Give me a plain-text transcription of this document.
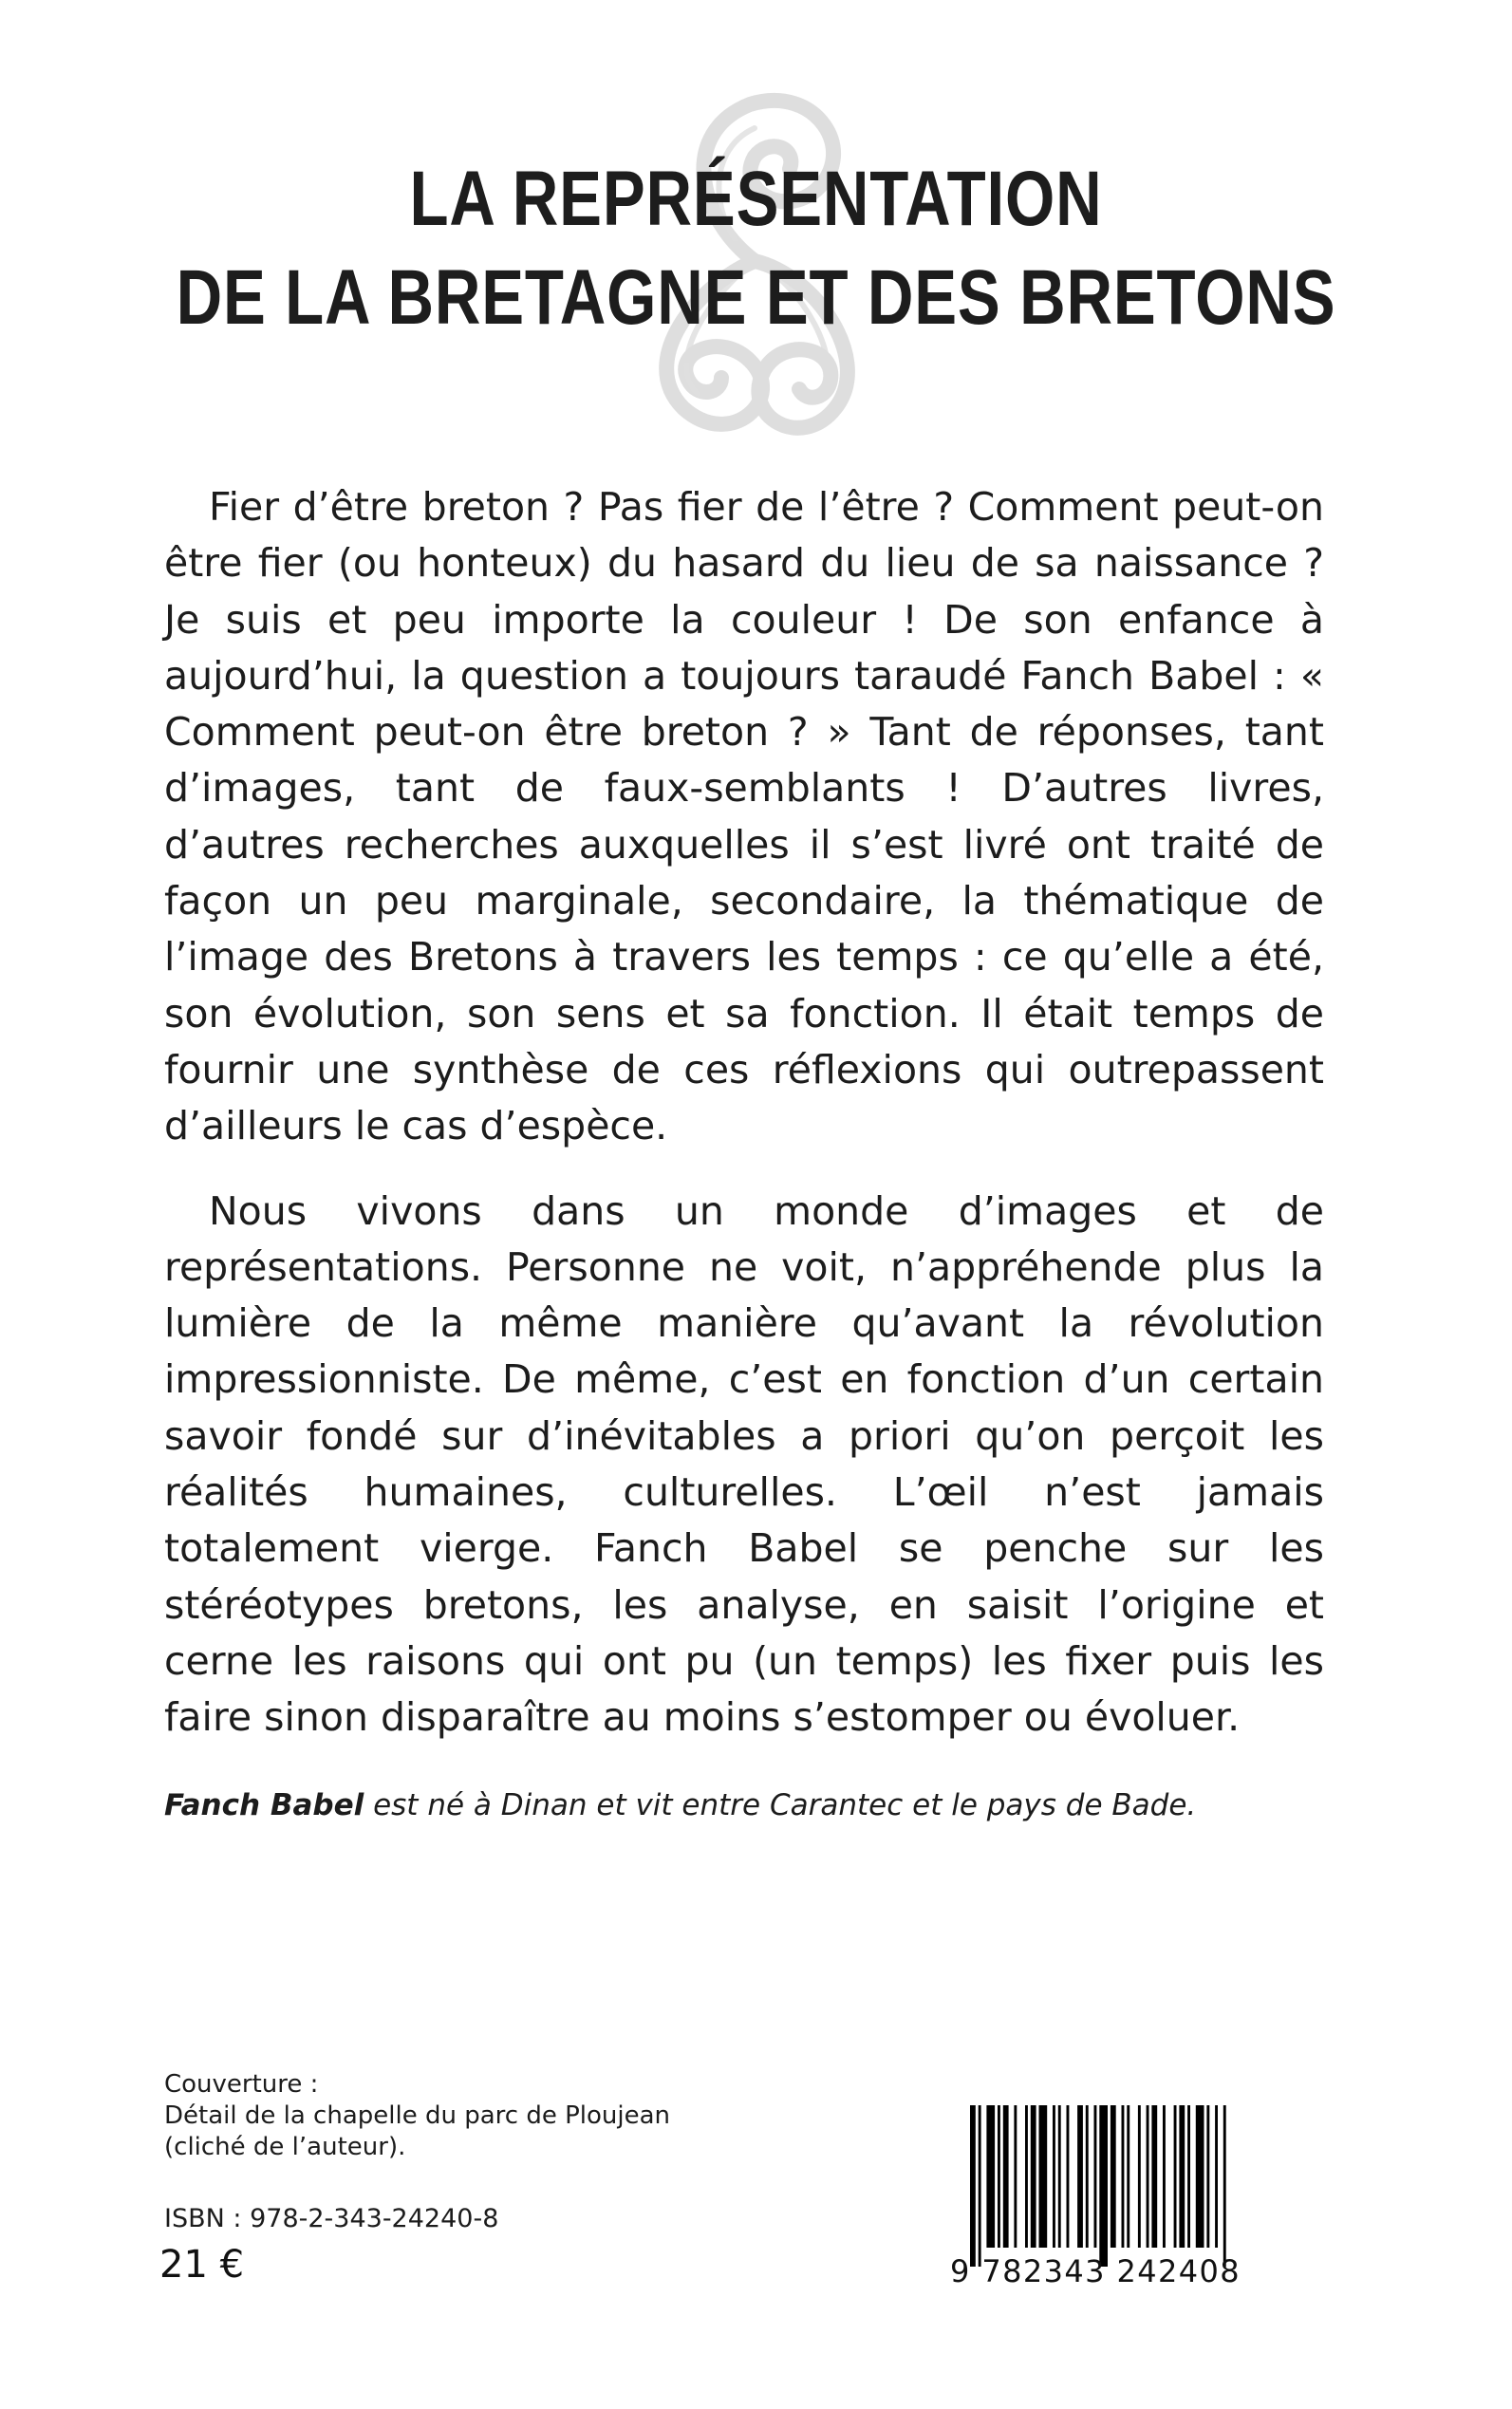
LA REPRÉSENTATION
DE LA BRETAGNE ET DES BRETONS

Fier d’être breton ? Pas fier de l’être ? Comment peut-on être fier (ou honteux) du hasard du lieu de sa naissance ? Je suis et peu importe la couleur ! De son enfance à aujourd’hui, la question a toujours taraudé Fanch Babel : « Comment peut-on être breton ? » Tant de réponses, tant d’images, tant de faux-semblants ! D’autres livres, d’autres recherches auxquelles il s’est livré ont traité de façon un peu marginale, secondaire, la thématique de l’image des Bretons à travers les temps : ce qu’elle a été, son évolution, son sens et sa fonction. Il était temps de fournir une synthèse de ces réflexions qui outrepassent d’ailleurs le cas d’espèce.

Nous vivons dans un monde d’images et de représentations. Personne ne voit, n’appréhende plus la lumière de la même manière qu’avant la révolution impressionniste. De même, c’est en fonction d’un certain savoir fondé sur d’inévitables a priori qu’on perçoit les réalités humaines, culturelles. L’œil n’est jamais totalement vierge. Fanch Babel se penche sur les stéréotypes bretons, les analyse, en saisit l’origine et cerne les raisons qui ont pu (un temps) les fixer puis les faire sinon disparaître au moins s’estomper ou évoluer.

Fanch Babel est né à Dinan et vit entre Carantec et le pays de Bade.
Couverture :
Détail de la chapelle du parc de Ploujean
(cliché de l’auteur).
ISBN : 978-2-343-24240-8
21 €	9 782343 242408
